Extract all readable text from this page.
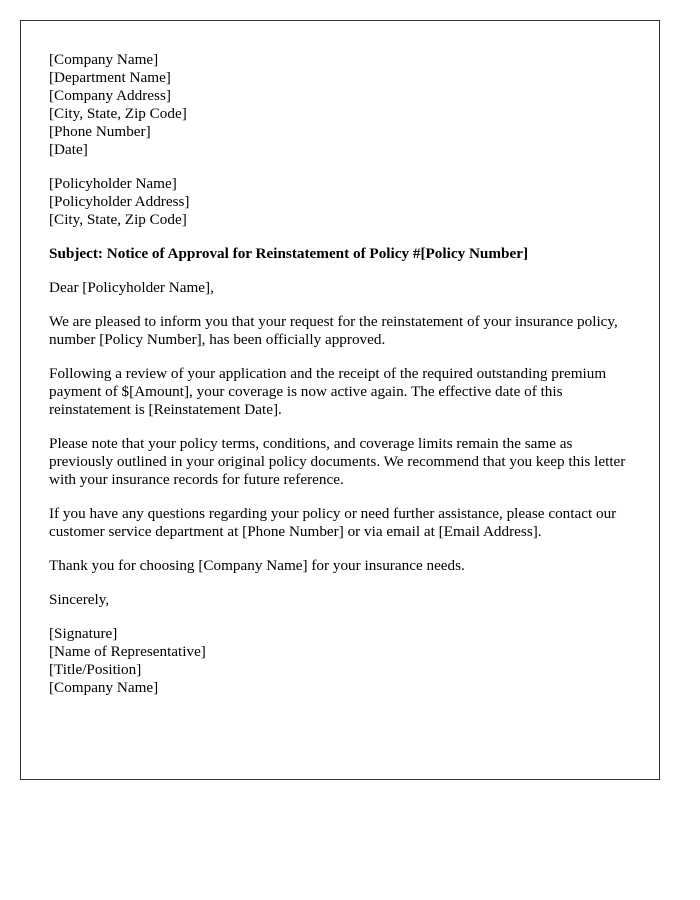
[Company Name]
[Department Name]
[Company Address]
[City, State, Zip Code]
[Phone Number]
[Date]
[Policyholder Name]
[Policyholder Address]
[City, State, Zip Code]
Subject: Notice of Approval for Reinstatement of Policy #[Policy Number]

Dear [Policyholder Name],

We are pleased to inform you that your request for the reinstatement of your insurance policy, number [Policy Number], has been officially approved.

Following a review of your application and the receipt of the required outstanding premium payment of $[Amount], your coverage is now active again. The effective date of this reinstatement is [Reinstatement Date].

Please note that your policy terms, conditions, and coverage limits remain the same as previously outlined in your original policy documents. We recommend that you keep this letter with your insurance records for future reference.

If you have any questions regarding your policy or need further assistance, please contact our customer service department at [Phone Number] or via email at [Email Address].

Thank you for choosing [Company Name] for your insurance needs.

Sincerely,

[Signature]
[Name of Representative]
[Title/Position]
[Company Name]
